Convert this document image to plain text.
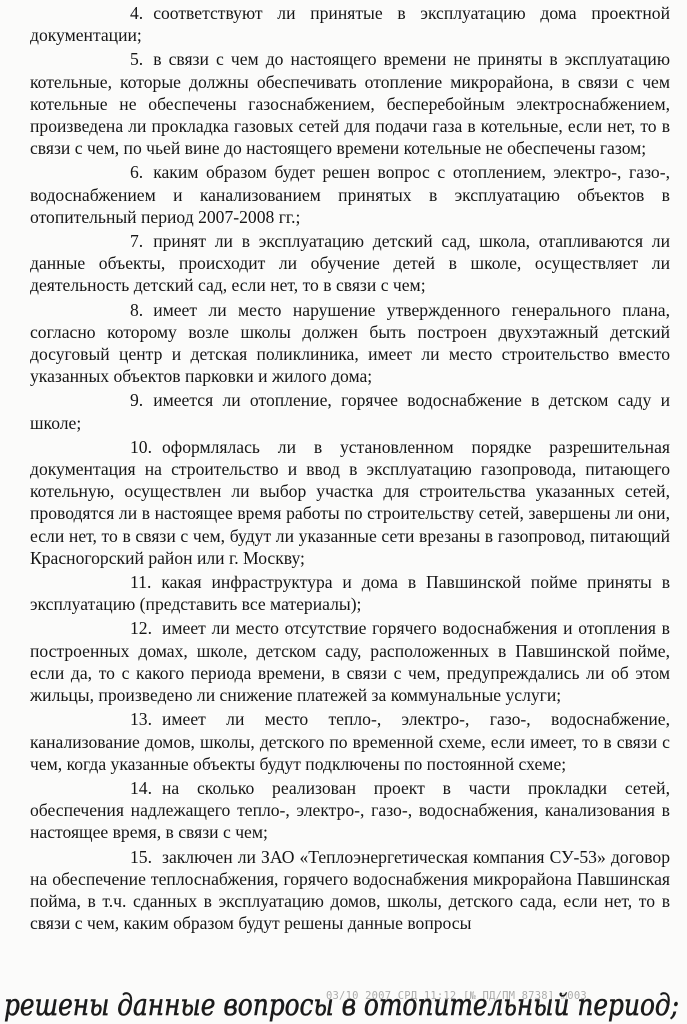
4. соответствуют ли принятые в эксплуатацию дома проектной документации;

5. в связи с чем до настоящего времени не приняты в эксплуатацию котельные, которые должны обеспечивать отопление микрорайона, в связи с чем котельные не обеспечены газоснабжением, бесперебойным электроснабжением, произведена ли прокладка газовых сетей для подачи газа в котельные, если нет, то в связи с чем, по чьей вине до настоящего времени котельные не обеспечены газом;

6. каким образом будет решен вопрос с отоплением, электро-, газо-, водоснабжением и канализованием принятых в эксплуатацию объектов в отопительный период 2007-2008 гг.;

7. принят ли в эксплуатацию детский сад, школа, отапливаются ли данные объекты, происходит ли обучение детей в школе, осуществляет ли деятельность детский сад, если нет, то в связи с чем;

8. имеет ли место нарушение утвержденного генерального плана, согласно которому возле школы должен быть построен двухэтажный детский досуговый центр и детская поликлиника, имеет ли место строительство вместо указанных объектов парковки и жилого дома;

9. имеется ли отопление, горячее водоснабжение в детском саду и школе;

10. оформлялась ли в установленном порядке разрешительная документация на строительство и ввод в эксплуатацию газопровода, питающего котельную, осуществлен ли выбор участка для строительства указанных сетей, проводятся ли в настоящее время работы по строительству сетей, завершены ли они, если нет, то в связи с чем, будут ли указанные сети врезаны в газопровод, питающий Красногорский район или г. Москву;

11. какая инфраструктура и дома в Павшинской пойме приняты в эксплуатацию (представить все материалы);

12. имеет ли место отсутствие горячего водоснабжения и отопления в построенных домах, школе, детском саду, расположенных в Павшинской пойме, если да, то с какого периода времени, в связи с чем, предупреждались ли об этом жильцы, произведено ли снижение платежей за коммунальные услуги;

13. имеет ли место тепло-, электро-, газо-, водоснабжение, канализование домов, школы, детского по временной схеме, если имеет, то в связи с чем, когда указанные объекты будут подключены по постоянной схеме;

14. на сколько реализован проект в части прокладки сетей, обеспечения надлежащего тепло-, электро-, газо-, водоснабжения, канализования в настоящее время, в связи с чем;

15. заключен ли ЗАО «Теплоэнергетическая компания СУ-53» договор на обеспечение теплоснабжения, горячего водоснабжения микрорайона Павшинская пойма, в т.ч. сданных в эксплуатацию домов, школы, детского сада, если нет, то в связи с чем, каким образом будут решены данные вопросы

решены данные вопросы в отопительный период;
